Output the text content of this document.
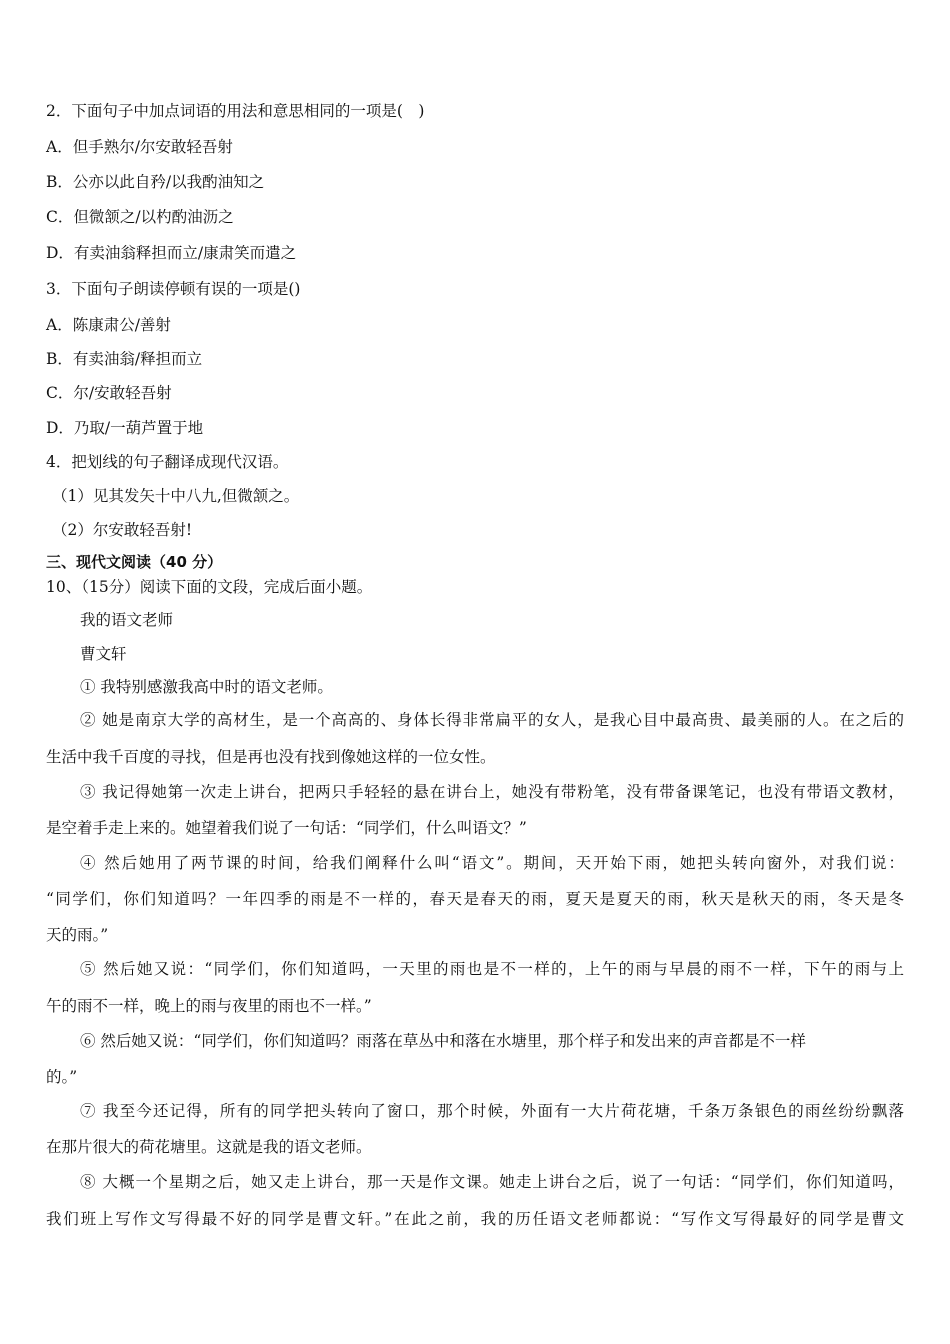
2．下面句子中加点词语的用法和意思相同的一项是(　)
A．但手熟尔/尔安敢轻吾射
B．公亦以此自矜/以我酌油知之
C．但微颔之/以杓酌油沥之
D．有卖油翁释担而立/康肃笑而遣之
3．下面句子朗读停顿有误的一项是()
A．陈康肃公/善射
B．有卖油翁/释担而立
C．尔/安敢轻吾射
D．乃取/一葫芦置于地
4．把划线的句子翻译成现代汉语。
（1）见其发矢十中八九,但微颔之。
（2）尔安敢轻吾射!
三、现代文阅读（40 分）
10、（15分）阅读下面的文段，完成后面小题。
我的语文老师
曹文轩
① 我特别感激我高中时的语文老师。
② 她是南京大学的高材生，是一个高高的、身体长得非常扁平的女人，是我心目中最高贵、最美丽的人。在之后的
生活中我千百度的寻找，但是再也没有找到像她这样的一位女性。
③ 我记得她第一次走上讲台，把两只手轻轻的悬在讲台上，她没有带粉笔，没有带备课笔记，也没有带语文教材，
是空着手走上来的。她望着我们说了一句话：“同学们，什么叫语文？”
④ 然后她用了两节课的时间，给我们阐释什么叫“语文”。期间，天开始下雨，她把头转向窗外，对我们说：
“同学们，你们知道吗？一年四季的雨是不一样的，春天是春天的雨，夏天是夏天的雨，秋天是秋天的雨，冬天是冬
天的雨。”
⑤ 然后她又说：“同学们，你们知道吗，一天里的雨也是不一样的，上午的雨与早晨的雨不一样，下午的雨与上
午的雨不一样，晚上的雨与夜里的雨也不一样。”
⑥ 然后她又说：“同学们，你们知道吗？雨落在草丛中和落在水塘里，那个样子和发出来的声音都是不一样
的。”
⑦ 我至今还记得，所有的同学把头转向了窗口，那个时候，外面有一大片荷花塘，千条万条银色的雨丝纷纷飘落
在那片很大的荷花塘里。这就是我的语文老师。
⑧ 大概一个星期之后，她又走上讲台，那一天是作文课。她走上讲台之后，说了一句话：“同学们，你们知道吗，
我们班上写作文写得最不好的同学是曹文轩。”在此之前，我的历任语文老师都说：“写作文写得最好的同学是曹文
